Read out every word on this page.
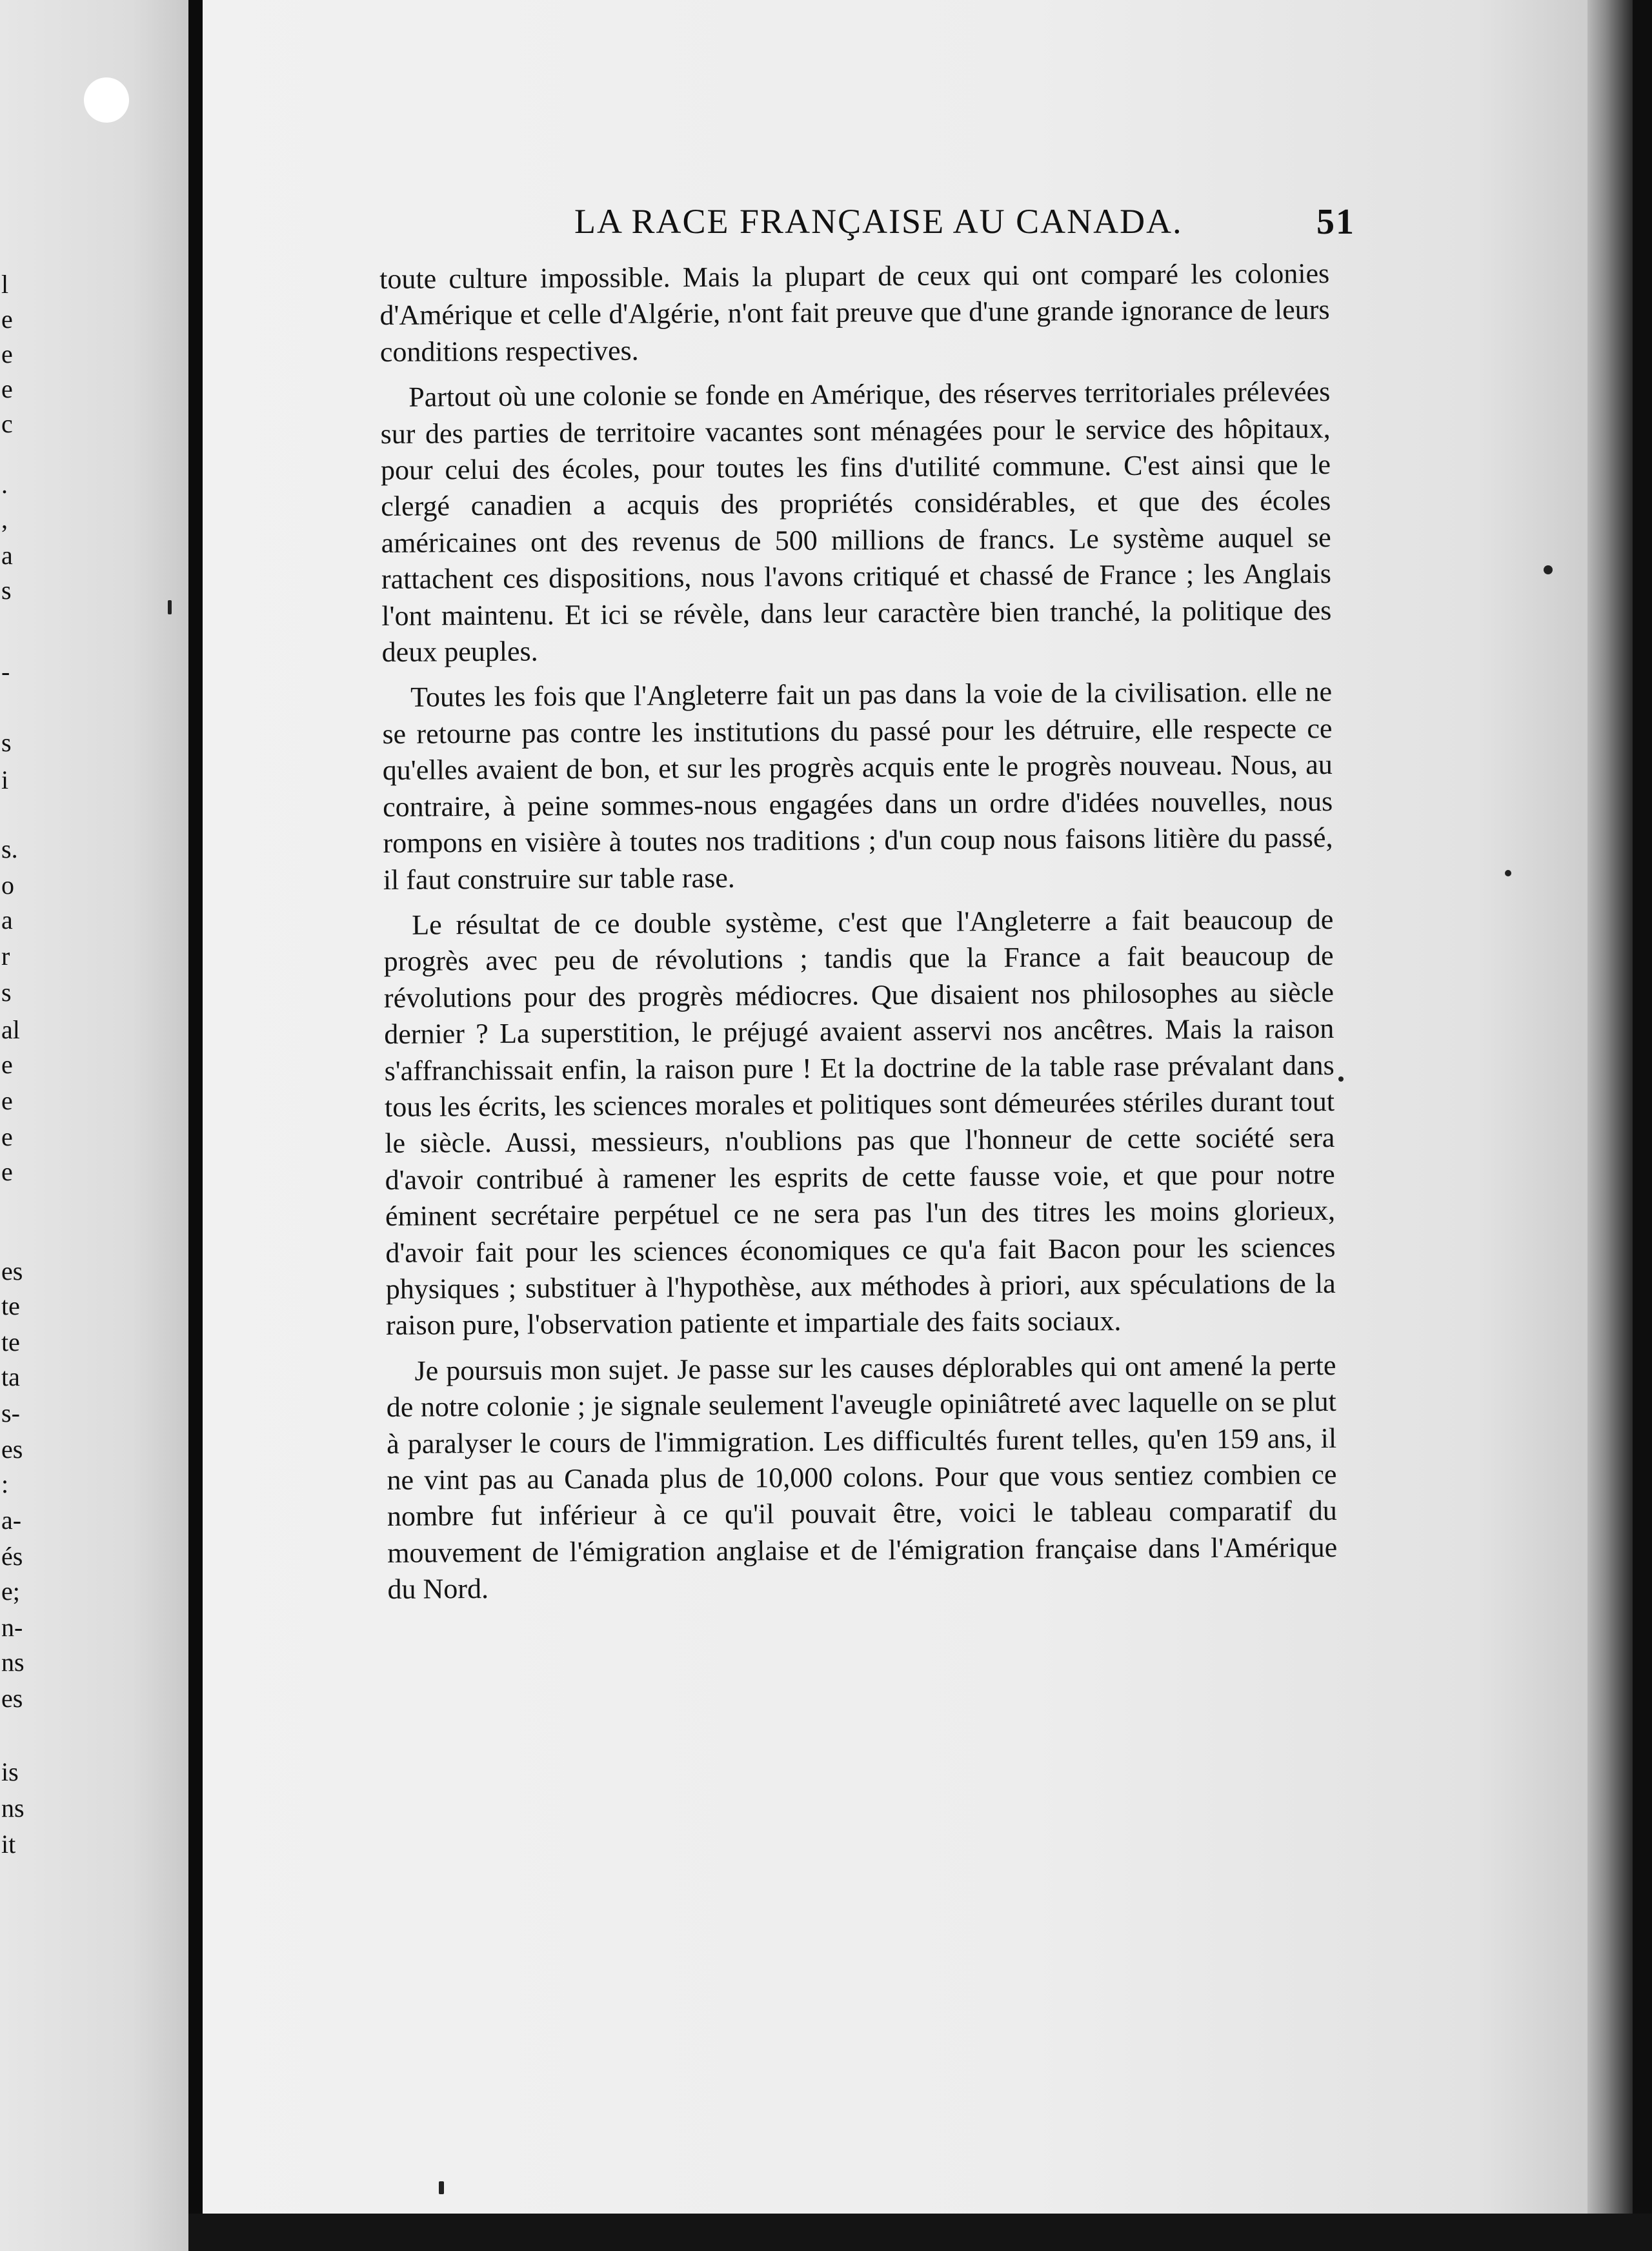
l
e
e
e
c
.
,
a
s
-
s
i
s.
o
a
r
s
al
e
e
e
e
es
te
te
ta
s-
es
:
a-
és
e;
n-
ns
es
is
ns
it
LA RACE FRANÇAISE AU CANADA.	51

toute culture impossible. Mais la plupart de ceux qui ont comparé les colonies d'Amérique et celle d'Algérie, n'ont fait preuve que d'une grande ignorance de leurs conditions respectives.

Partout où une colonie se fonde en Amérique, des réserves territoriales prélevées sur des parties de territoire vacantes sont ménagées pour le service des hôpitaux, pour celui des écoles, pour toutes les fins d'utilité commune. C'est ainsi que le clergé canadien a acquis des propriétés considérables, et que des écoles américaines ont des revenus de 500 millions de francs. Le système auquel se rattachent ces dispositions, nous l'avons critiqué et chassé de France ; les Anglais l'ont maintenu. Et ici se révèle, dans leur caractère bien tranché, la politique des deux peuples.

Toutes les fois que l'Angleterre fait un pas dans la voie de la civilisation. elle ne se retourne pas contre les institutions du passé pour les détruire, elle respecte ce qu'elles avaient de bon, et sur les progrès acquis ente le progrès nouveau. Nous, au contraire, à peine sommes-nous engagées dans un ordre d'idées nouvelles, nous rompons en visière à toutes nos traditions ; d'un coup nous faisons litière du passé, il faut construire sur table rase.

Le résultat de ce double système, c'est que l'Angleterre a fait beaucoup de progrès avec peu de révolutions ; tandis que la France a fait beaucoup de révolutions pour des progrès médiocres. Que disaient nos philosophes au siècle dernier ? La superstition, le préjugé avaient asservi nos ancêtres. Mais la raison s'affranchissait enfin, la raison pure ! Et la doctrine de la table rase prévalant dans tous les écrits, les sciences morales et politiques sont démeurées stériles durant tout le siècle. Aussi, messieurs, n'oublions pas que l'honneur de cette société sera d'avoir contribué à ramener les esprits de cette fausse voie, et que pour notre éminent secrétaire perpétuel ce ne sera pas l'un des titres les moins glorieux, d'avoir fait pour les sciences économiques ce qu'a fait Bacon pour les sciences physiques ; substituer à l'hypothèse, aux méthodes à priori, aux spéculations de la raison pure, l'observation patiente et impartiale des faits sociaux.

Je poursuis mon sujet. Je passe sur les causes déplorables qui ont amené la perte de notre colonie ; je signale seulement l'aveugle opiniâtreté avec laquelle on se plut à paralyser le cours de l'immigration. Les difficultés furent telles, qu'en 159 ans, il ne vint pas au Canada plus de 10,000 colons. Pour que vous sentiez combien ce nombre fut inférieur à ce qu'il pouvait être, voici le tableau comparatif du mouvement de l'émigration anglaise et de l'émigration française dans l'Amérique du Nord.
